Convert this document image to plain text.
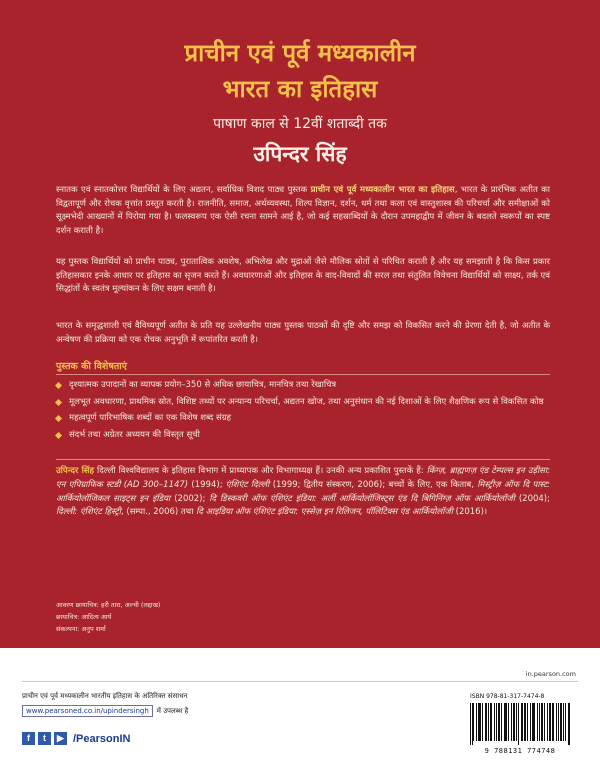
प्राचीन एवं पूर्व मध्यकालीन
भारत का इतिहास
पाषाण काल से 12वीं शताब्दी तक
उपिन्दर सिंह

स्नातक एवं स्नातकोत्तर विद्यार्थियों के लिए अद्यतन, सर्वाधिक विशद पाठ्य पुस्तक प्राचीन एवं पूर्व मध्यकालीन भारत का इतिहास, भारत के प्रारंभिक अतीत का विद्वतापूर्ण और रोचक वृत्तांत प्रस्तुत करती है। राजनीति, समाज, अर्थव्यवस्था, शिल्प विज्ञान, दर्शन, धर्म तथा कला एवं वास्तुशास्त्र की परिचर्चा और समीक्षाओं को सूक्ष्मभेदी आख्यानों में पिरोया गया है। फलस्वरूप एक ऐसी रचना सामने आई है, जो कई सहस्राब्दियों के दौरान उपमहाद्वीप में जीवन के बदलते स्वरूपों का स्पष्ट दर्शन कराती है।

यह पुस्तक विद्यार्थियों को प्राचीन पाठ्य, पुरातात्विक अवशेष, अभिलेख और मुद्राओं जैसे मौलिक स्रोतों से परिचित कराती है और यह समझाती है कि किस प्रकार इतिहासकार इनके आधार पर इतिहास का सृजन करते हैं। अवधारणाओं और इतिहास के वाद-विवादों की सरल तथा संतुलित विवेचना विद्यार्थियों को साक्ष्य, तर्क एवं सिद्धांतों के स्वतंत्र मूल्यांकन के लिए सक्षम बनाती है।

भारत के समृद्धशाली एवं वैविध्यपूर्ण अतीत के प्रति यह उल्लेखनीय पाठ्य पुस्तक पाठकों की दृष्टि और समझ को विकसित करने की प्रेरणा देती है, जो अतीत के अन्वेषण की प्रक्रिया को एक रोचक अनुभूति में रूपांतरित करती है।

पुस्तक की विशेषताएं
दृश्यात्मक उपादानों का व्यापक प्रयोग–350 से अधिक छायाचित्र, मानचित्र तथा रेखाचित्र
मूलभूत अवधारणा, प्राथमिक स्रोत, विशिष्ट तथ्यों पर अन्यान्य परिचर्चा, अद्यतन खोज, तथा अनुसंधान की नई दिशाओं के लिए शैक्षणिक रूप से विकसित कोष्ठ
महत्वपूर्ण पारिभाषिक शब्दों का एक विशेष शब्द संग्रह
संदर्भ तथा अग्रेतर अध्ययन की विस्तृत सूची

उपिन्दर सिंह दिल्ली विश्वविद्यालय के इतिहास विभाग में प्राध्यापक और विभागाध्यक्ष हैं। उनकी अन्य प्रकाशित पुस्तकें हैं: किंग्ज़, ब्राह्मणज़ एंड टेम्पल्स इन उड़ीसा: एन एपिग्राफिक स्टडी (AD 300–1147) (1994); एंशिएंट दिल्ली (1999; द्वितीय संस्करण, 2006); बच्चों के लिए, एक किताब, मिस्ट्रीज़ ऑफ दि पास्ट: आर्कियोलॉजिकल साइट्स इन इंडिया (2002); दि डिस्कवरी ऑफ एंशिएंट इंडिया: अर्ली आर्कियोलॉजिस्ट्स एंड दि बिगिनिंग्ज़ ऑफ आर्कियोलॉजी (2004); दिल्ली: एंशिएंट हिस्ट्री, (सम्पा., 2006) तथा दि आइडिया ऑफ एंशिएंट इंडिया: एस्सेज़ इन रिलिजन, पॉलिटिक्स एंड आर्कियोलॉजी (2016)।

आवरण छायाचित्र: हरी तारा, अल्ची (लद्दाख)
छायाचित्र: आदित्य आर्य
संकल्पना: अनुप शर्मा
in.pearson.com
प्राचीन एवं पूर्व मध्यकालीन भारतीय इतिहास के अतिरिक्त संसाधन
www.pearsoned.co.in/upindersingh	में उपलब्ध है
f	t	▶ /PearsonIN
ISBN 978-81-317-7474-8
9 788131 774748
